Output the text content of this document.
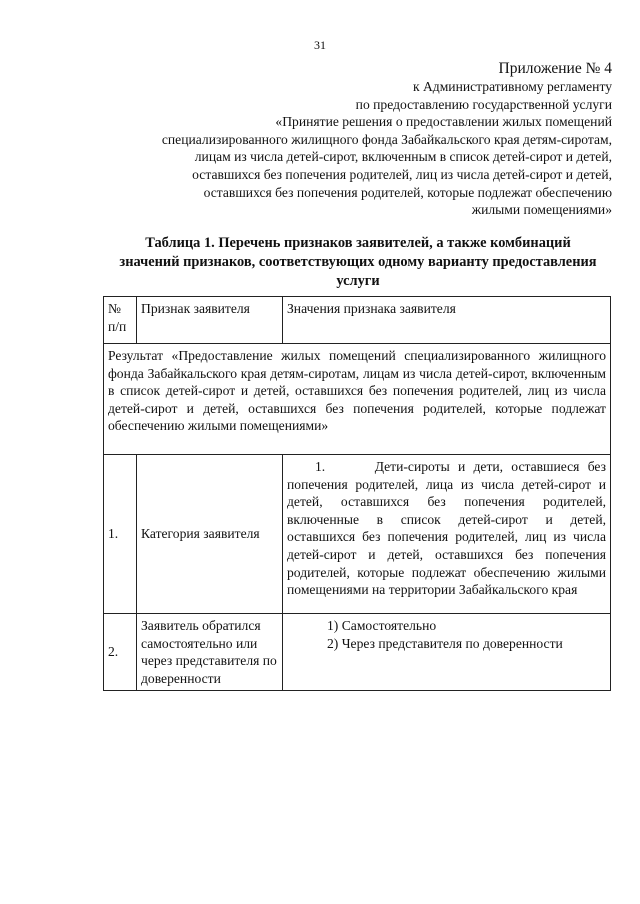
31
Приложение № 4
к Административному регламенту
по предоставлению государственной услуги
«Принятие решения о предоставлении жилых помещений
специализированного жилищного фонда Забайкальского края детям-сиротам,
лицам из числа детей-сирот, включенным в список детей-сирот и детей,
оставшихся без попечения родителей, лиц из числа детей-сирот и детей,
оставшихся без попечения родителей, которые подлежат обеспечению
жилыми помещениями»
Таблица 1. Перечень признаков заявителей, а также комбинаций
значений признаков, соответствующих одному варианту предоставления
услуги
№ п/п	Признак заявителя	Значения признака заявителя
Результат «Предоставление жилых помещений специализированного жилищного фонда Забайкальского края детям-сиротам, лицам из числа детей-сирот, включенным в список детей-сирот и детей, оставшихся без попечения родителей, лиц из числа детей-сирот и детей, оставшихся без попечения родителей, которые подлежат обеспечению жилыми помещениями»		
1.	Категория заявителя	1.      Дети-сироты и дети, оставшиеся без попечения родителей, лица из числа детей-сирот и детей, оставшихся без попечения родителей, включенные в список детей-сирот и детей, оставшихся без попечения родителей, лиц из числа детей-сирот и детей, оставшихся без попечения родителей, которые подлежат обеспечению жилыми помещениями на территории Забайкальского края

2.	Заявитель обратился самостоятельно или через представителя по доверенности	1) Самостоятельно

2) Через представителя по доверенности
